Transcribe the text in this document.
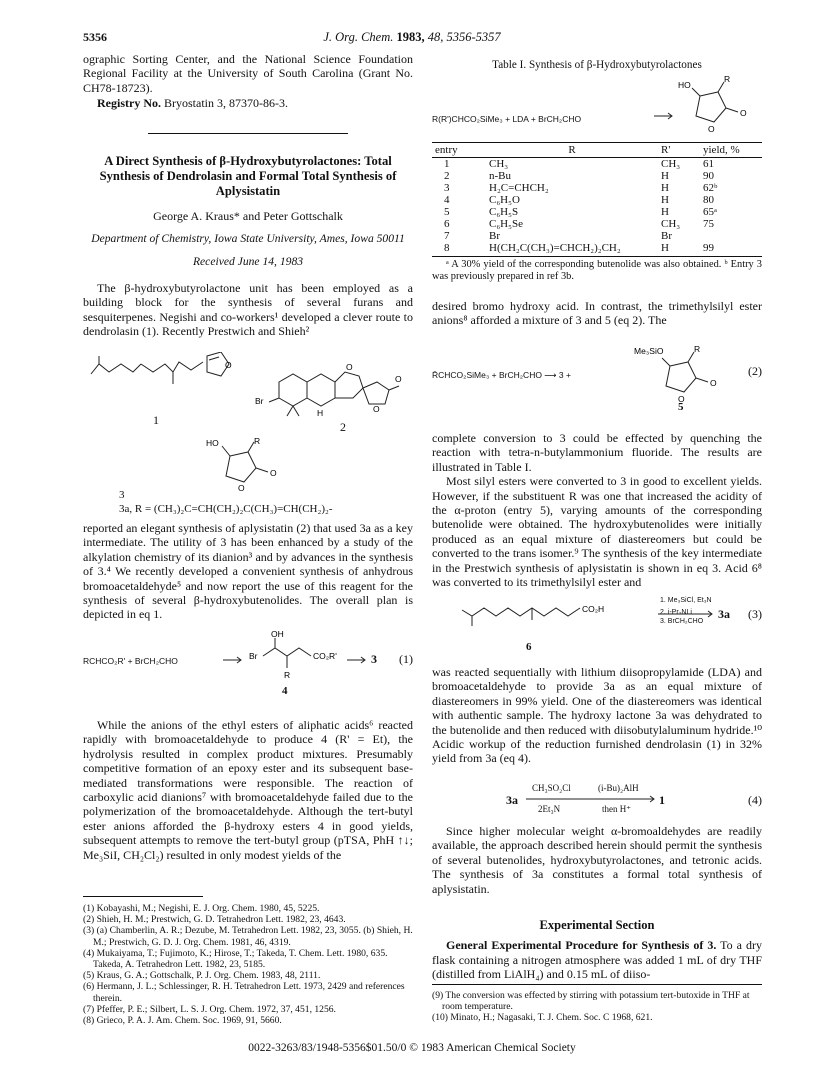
5356	J. Org. Chem. 1983, 48, 5356-5357

ographic Sorting Center, and the National Science Foundation Regional Facility at the University of South Carolina (Grant No. CH78-18723).

Registry No. Bryostatin 3, 87370-86-3.

A Direct Synthesis of β-Hydroxybutyrolactones: Total Synthesis of Dendrolasin and Formal Total Synthesis of Aplysistatin

George A. Kraus* and Peter Gottschalk

Department of Chemistry, Iowa State University, Ames, Iowa 50011

Received June 14, 1983

The β-hydroxybutyrolactone unit has been employed as a building block for the synthesis of several furans and sesquiterpenes. Negishi and co-workers¹ developed a clever route to dendrolasin (1). Recently Prestwich and Shieh²

Br
O
O
O
H
O
1	2
HO	R
O
O

3

3a, R = (CH₃)₂C=CH(CH₂)₂C(CH₃)=CH(CH₂)₂-

reported an elegant synthesis of aplysistatin (2) that used 3a as a key intermediate. The utility of 3 has been enhanced by a study of the alkylation chemistry of its dianion³ and by advances in the synthesis of 3.⁴ We recently developed a convenient synthesis of anhydrous bromoacetaldehyde⁵ and now report the use of this reagent for the synthesis of several β-hydroxybutenolides. The overall plan is depicted in eq 1.

Br
OH
CO₂R'
R
RCHCO₂R' + BrCH₂CHO	3 (1)
4

While the anions of the ethyl esters of aliphatic acids⁶ reacted rapidly with bromoacetaldehyde to produce 4 (R' = Et), the hydrolysis resulted in complex product mixtures. Presumably competitive formation of an epoxy ester and its subsequent base-mediated transformations were responsible. The reaction of carboxylic acid dianions⁷ with bromoacetaldehyde failed due to the polymerization of the bromoacetaldehyde. Although the tert-butyl ester anions afforded the β-hydroxy esters 4 in good yields, subsequent attempts to remove the tert-butyl group (pTSA, PhH ↑↓; Me₃SiI, CH₂Cl₂) resulted in only modest yields of the

(1) Kobayashi, M.; Negishi, E. J. Org. Chem. 1980, 45, 5225.

(2) Shieh, H. M.; Prestwich, G. D. Tetrahedron Lett. 1982, 23, 4643.

(3) (a) Chamberlin, A. R.; Dezube, M. Tetrahedron Lett. 1982, 23, 3055. (b) Shieh, H. M.; Prestwich, G. D. J. Org. Chem. 1981, 46, 4319.

(4) Mukaiyama, T.; Fujimoto, K.; Hirose, T.; Takeda, T. Chem. Lett. 1980, 635. Takeda, A. Tetrahedron Lett. 1982, 23, 5185.

(5) Kraus, G. A.; Gottschalk, P. J. Org. Chem. 1983, 48, 2111.

(6) Hermann, J. L.; Schlessinger, R. H. Tetrahedron Lett. 1973, 2429 and references therein.

(7) Pfeffer, P. E.; Silbert, L. S. J. Org. Chem. 1972, 37, 451, 1256.

(8) Grieco, P. A. J. Am. Chem. Soc. 1969, 91, 5660.

Table I. Synthesis of β-Hydroxybutyrolactones

R(R')CHCO₂SiMe₃ + LDA + BrCH₂CHO
HO
R
O
O
entry	R	R'	yield, %
1	CH₃	CH₃	61
2	n-Bu	H	90
3	H₂C=CHCH₂	H	62ᵇ
4	C₆H₅O	H	80
5	C₆H₅S	H	65ᵃ
6	C₆H₅Se	CH₃	75
7	Br	Br	
8	H(CH₂C(CH₃)=CHCH₂)₂CH₂	H	99

ᵃ A 30% yield of the corresponding butenolide was also obtained. ᵇ Entry 3 was previously prepared in ref 3b.

desired bromo hydroxy acid. In contrast, the trimethylsilyl ester anions⁸ afforded a mixture of 3 and 5 (eq 2). The

R̄CHCO₂SiMe₃ + BrCH₂CHO ⟶ 3 +
Me₃SiO	R
O
O
(2)
5

complete conversion to 3 could be effected by quenching the reaction with tetra-n-butylammonium fluoride. The results are illustrated in Table I.

Most silyl esters were converted to 3 in good to excellent yields. However, if the substituent R was one that increased the acidity of the α-proton (entry 5), varying amounts of the corresponding butenolide were obtained. The hydroxybutenolides were initially produced as an equal mixture of diastereomers but could be converted to the trans isomer.⁹ The synthesis of the key intermediate in the Prestwich synthesis of aplysistatin is shown in eq 3. Acid 6⁸ was converted to its trimethylsilyl ester and

CO₂H
1. Me₃SiCl, Et₃N
2. i-Pr₂NLi
3. BrCH₂CHO
3a (3)
6

was reacted sequentially with lithium diisopropylamide (LDA) and bromoacetaldehyde to provide 3a as an equal mixture of diastereomers in 99% yield. One of the diastereomers was identical with authentic sample. The hydroxy lactone 3a was dehydrated to the butenolide and then reduced with diisobutylaluminum hydride.¹⁰ Acidic workup of the reduction furnished dendrolasin (1) in 32% yield from 3a (eq 4).

3a
CH₃SO₂Cl
2Et₃N
(i-Bu)₂AlH
then H⁺
1	(4)

Since higher molecular weight α-bromoaldehydes are readily available, the approach described herein should permit the synthesis of several butenolides, hydroxybutyrolactones, and tetronic acids. The synthesis of 3a constitutes a formal total synthesis of aplysistatin.

Experimental Section

General Experimental Procedure for Synthesis of 3. To a dry flask containing a nitrogen atmosphere was added 1 mL of dry THF (distilled from LiAlH₄) and 0.15 mL of diiso-

(9) The conversion was effected by stirring with potassium tert-butoxide in THF at room temperature.

(10) Minato, H.; Nagasaki, T. J. Chem. Soc. C 1968, 621.

0022-3263/83/1948-5356$01.50/0 © 1983 American Chemical Society
